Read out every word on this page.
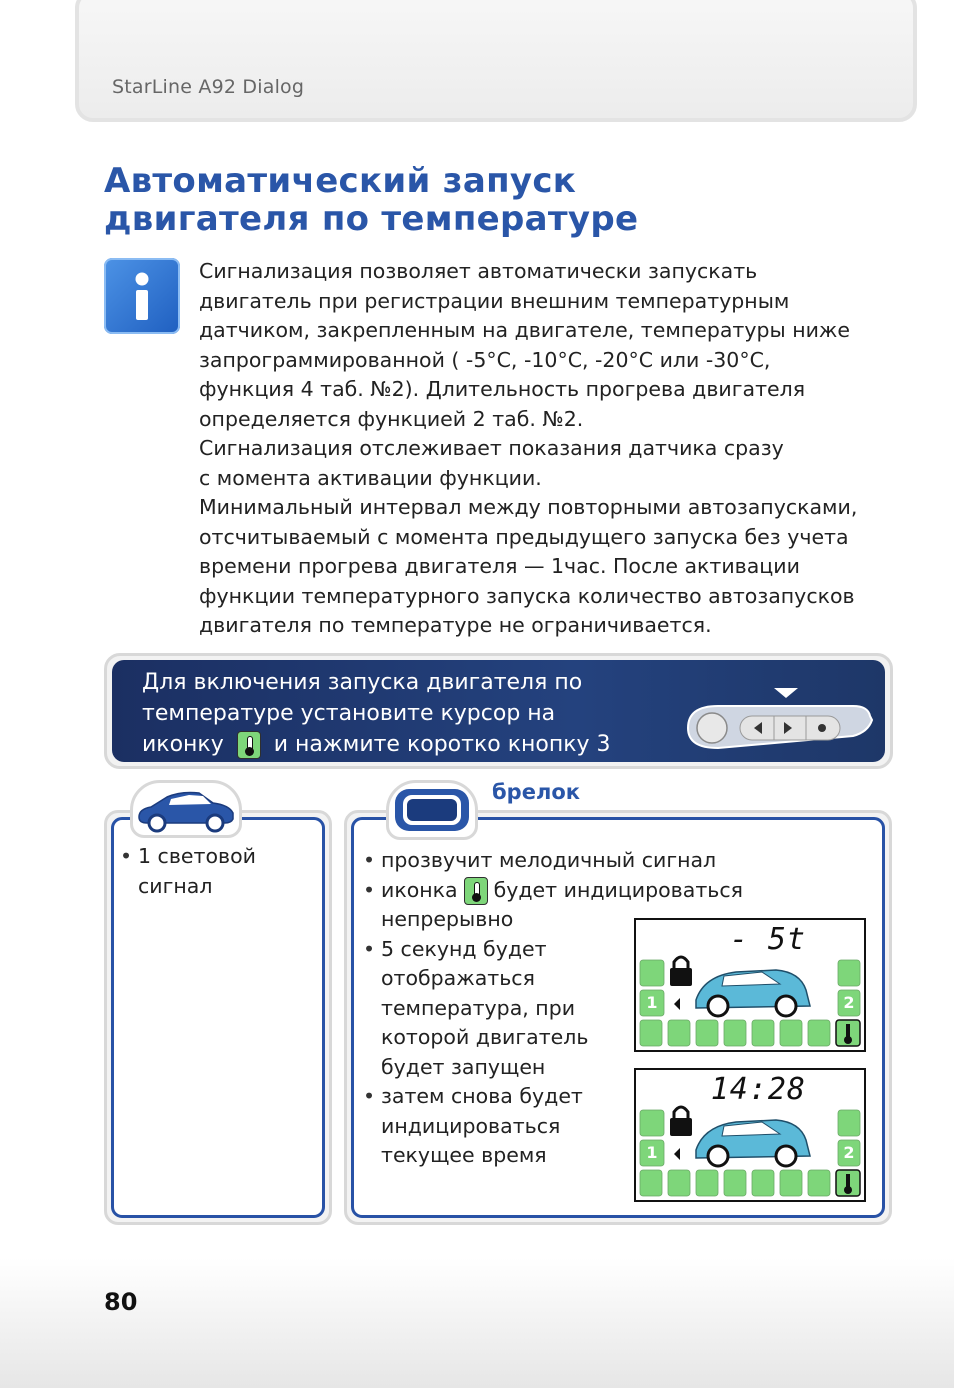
StarLine A92 Dialog
Автоматический запуск
двигателя по температуре

Сигнализация позволяет автоматически запускать
двигатель при регистрации внешним температурным
датчиком, закрепленным на двигателе, температуры ниже
запрограммированной ( -5°С, -10°С, -20°С или -30°С,
функция 4 таб. №2). Длительность прогрева двигателя
определяется функцией 2 таб. №2.

Сигнализация отслеживает показания датчика сразу
с момента активации функции.

Минимальный интервал между повторными автозапусками,
отсчитываемый с момента предыдущего запуска без учета
времени прогрева двигателя — 1час. После активации
функции температурного запуска количество автозапусков
двигателя по температуре не ограничивается.

Для включения запуска двигателя по
температуре установите курсор на
иконку и нажмите коротко кнопку 3
• 1 световой
сигнал
брелок
• прозвучит мелодичный сигнал
• иконка будет индицироваться
непрерывно
• 5 секунд будет
отображаться
температура, при
которой двигатель
будет запущен
• затем снова будет
индицироваться
текущее время
- 5t
1	2
14:28
1	2
80
